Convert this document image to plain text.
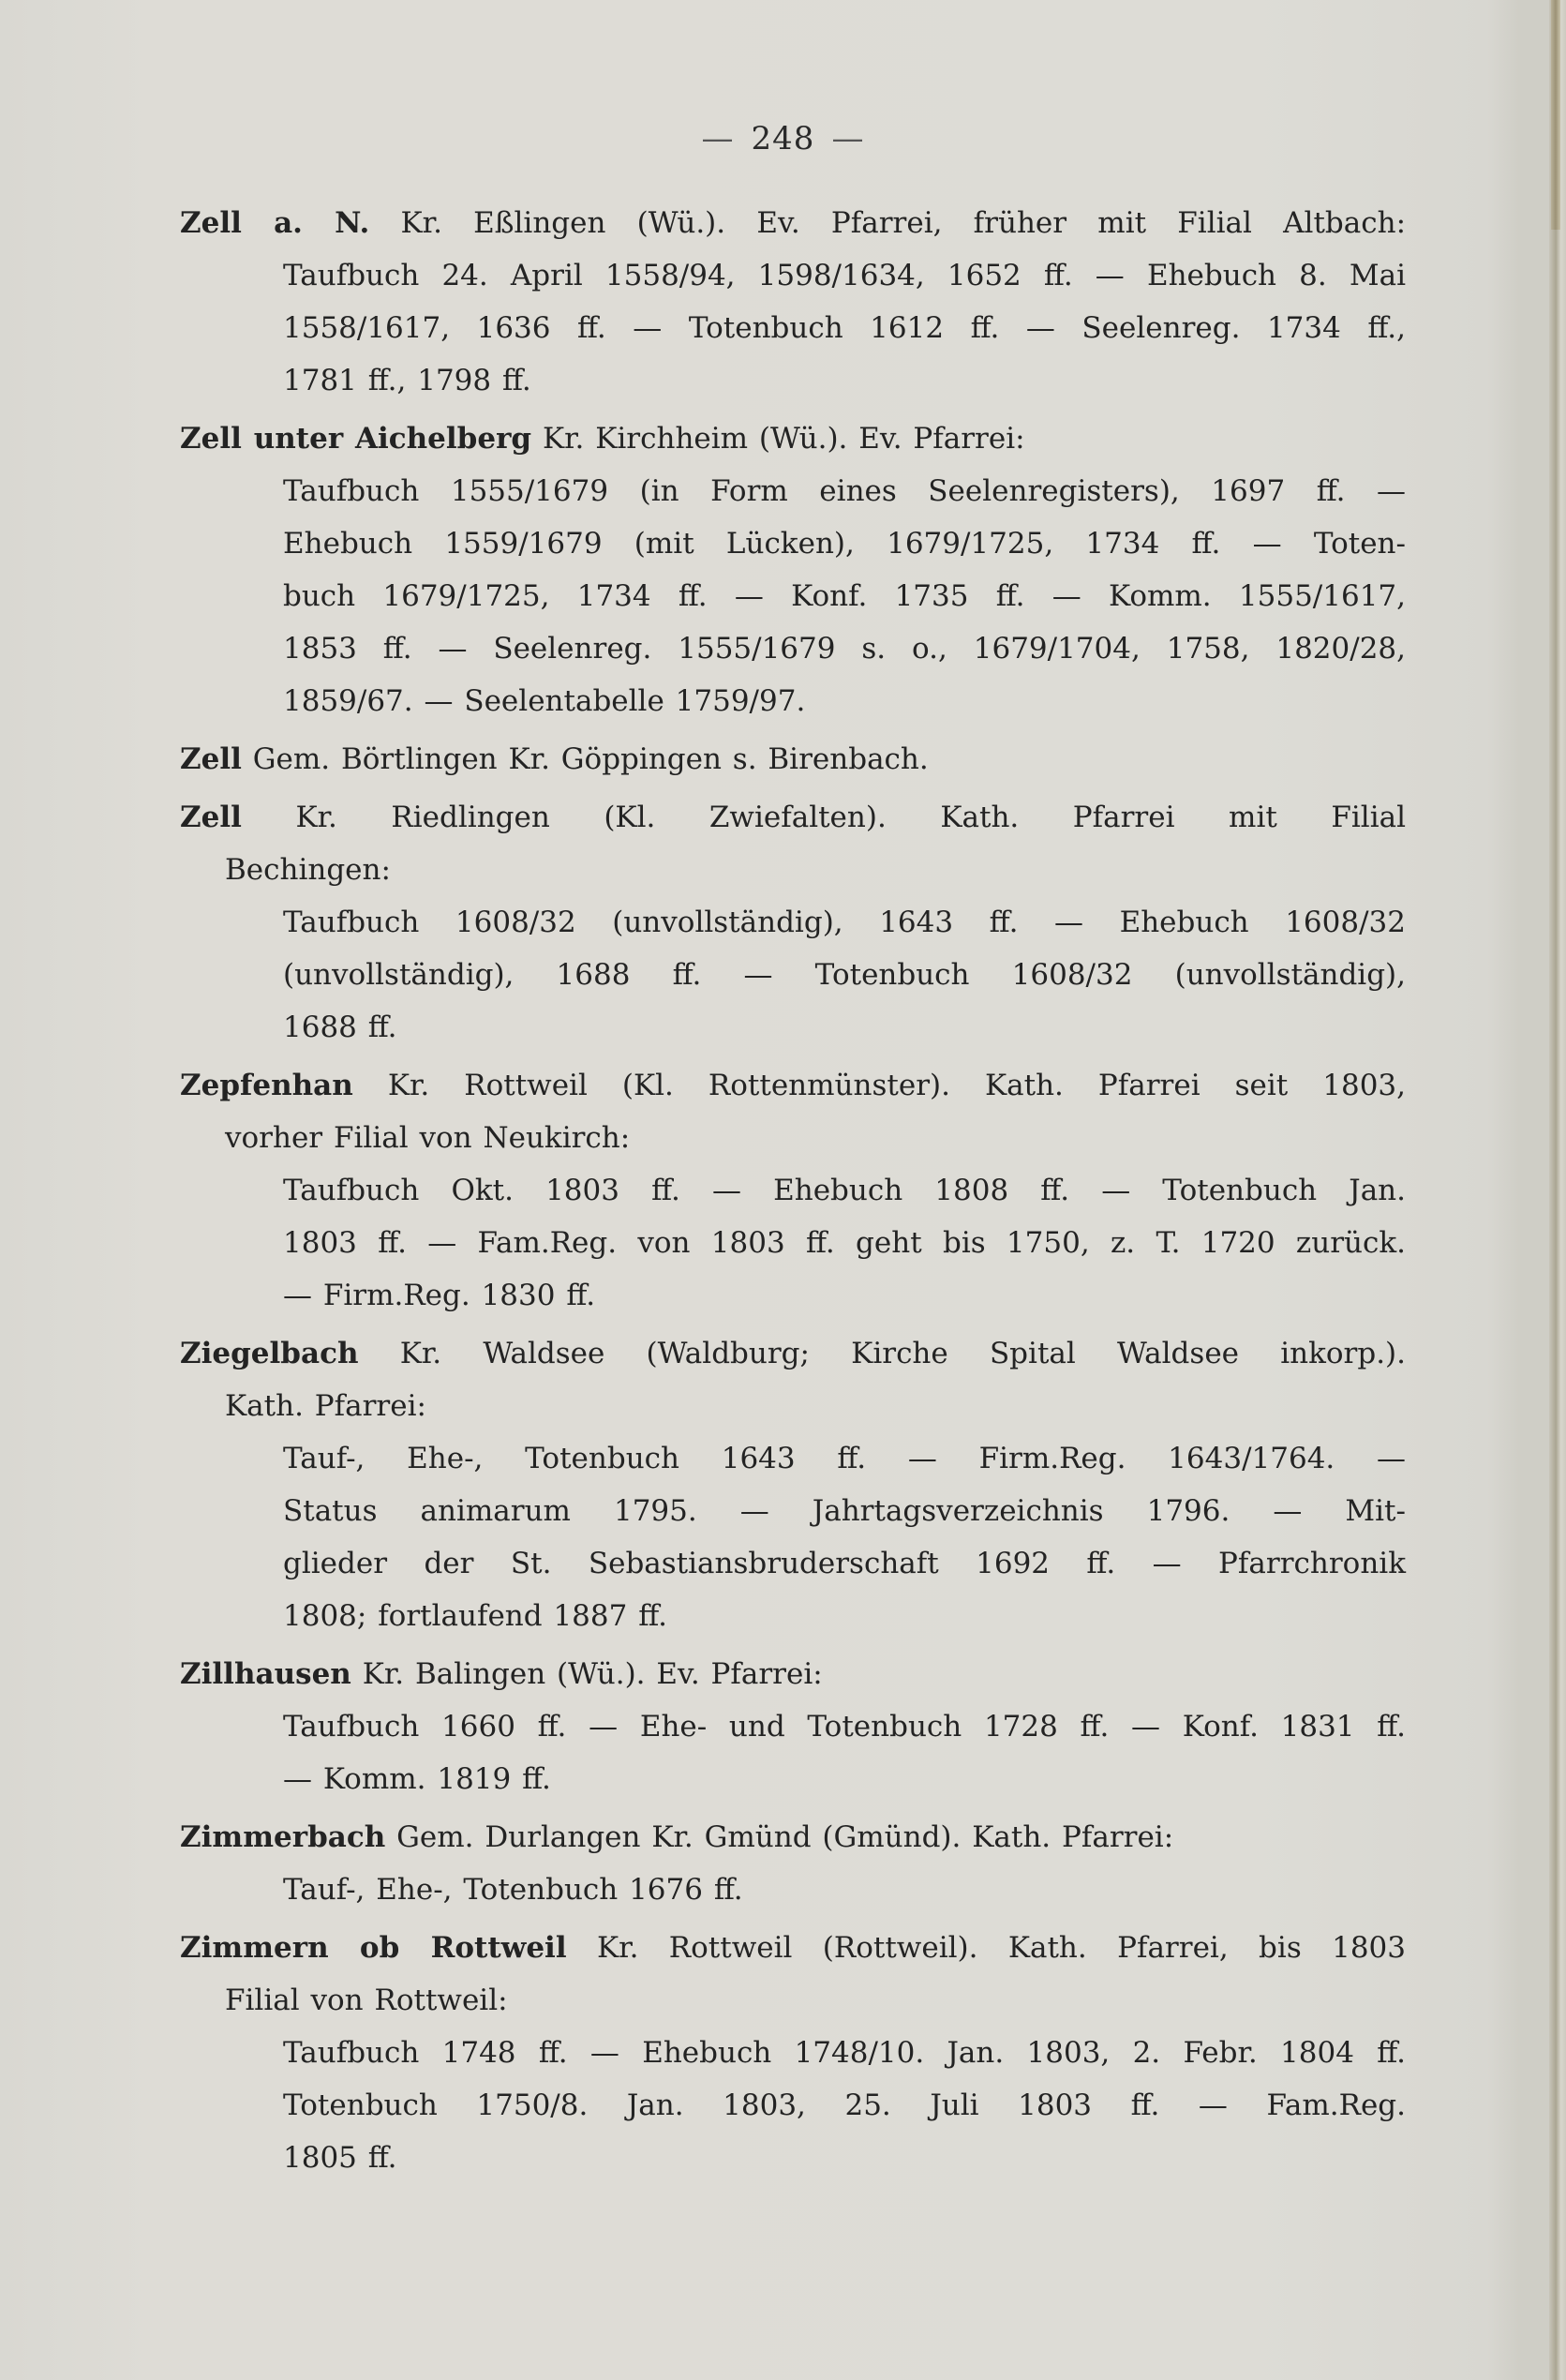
— 248 —
Zell a. N. Kr. Eßlingen (Wü.). Ev. Pfarrei, früher mit Filial Altbach:
Taufbuch 24. April 1558/94, 1598/1634, 1652 ff. — Ehebuch 8. Mai
1558/1617, 1636 ff. — Totenbuch 1612 ff. — Seelenreg. 1734 ff.,
1781 ff., 1798 ff.
Zell unter Aichelberg Kr. Kirchheim (Wü.). Ev. Pfarrei:
Taufbuch 1555/1679 (in Form eines Seelenregisters), 1697 ff. —
Ehebuch 1559/1679 (mit Lücken), 1679/1725, 1734 ff. — Toten-
buch 1679/1725, 1734 ff. — Konf. 1735 ff. — Komm. 1555/1617,
1853 ff. — Seelenreg. 1555/1679 s. o., 1679/1704, 1758, 1820/28,
1859/67. — Seelentabelle 1759/97.
Zell Gem. Börtlingen Kr. Göppingen s. Birenbach.
Zell Kr. Riedlingen (Kl. Zwiefalten). Kath. Pfarrei mit Filial
Bechingen:
Taufbuch 1608/32 (unvollständig), 1643 ff. — Ehebuch 1608/32
(unvollständig), 1688 ff. — Totenbuch 1608/32 (unvollständig),
1688 ff.
Zepfenhan Kr. Rottweil (Kl. Rottenmünster). Kath. Pfarrei seit 1803,
vorher Filial von Neukirch:
Taufbuch Okt. 1803 ff. — Ehebuch 1808 ff. — Totenbuch Jan.
1803 ff. — Fam.Reg. von 1803 ff. geht bis 1750, z. T. 1720 zurück.
— Firm.Reg. 1830 ff.
Ziegelbach Kr. Waldsee (Waldburg; Kirche Spital Waldsee inkorp.).
Kath. Pfarrei:
Tauf-, Ehe-, Totenbuch 1643 ff. — Firm.Reg. 1643/1764. —
Status animarum 1795. — Jahrtagsverzeichnis 1796. — Mit-
glieder der St. Sebastiansbruderschaft 1692 ff. — Pfarrchronik
1808; fortlaufend 1887 ff.
Zillhausen Kr. Balingen (Wü.). Ev. Pfarrei:
Taufbuch 1660 ff. — Ehe- und Totenbuch 1728 ff. — Konf. 1831 ff.
— Komm. 1819 ff.
Zimmerbach Gem. Durlangen Kr. Gmünd (Gmünd). Kath. Pfarrei:
Tauf-, Ehe-, Totenbuch 1676 ff.
Zimmern ob Rottweil Kr. Rottweil (Rottweil). Kath. Pfarrei, bis 1803
Filial von Rottweil:
Taufbuch 1748 ff. — Ehebuch 1748/10. Jan. 1803, 2. Febr. 1804 ff.
Totenbuch 1750/8. Jan. 1803, 25. Juli 1803 ff. — Fam.Reg.
1805 ff.
